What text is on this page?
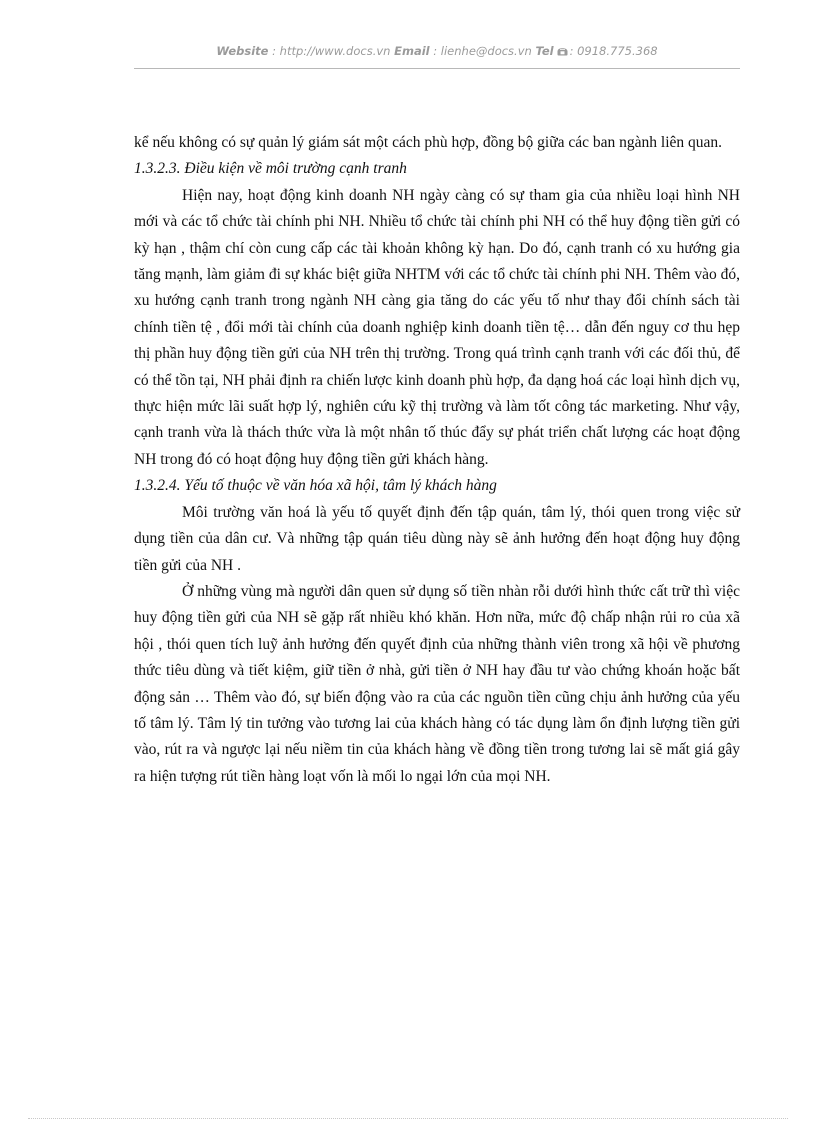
Website : http://www.docs.vn Email : lienhe@docs.vn Tel : 0918.775.368

kể nếu không có sự quản lý giám sát một cách phù hợp, đồng bộ giữa các ban ngành liên quan.

1.3.2.3. Điều kiện về môi trường cạnh tranh

Hiện nay, hoạt động kinh doanh NH ngày càng có sự tham gia của nhiều loại hình NH mới và các tổ chức tài chính phi NH. Nhiều tổ chức tài chính phi NH có thể huy động tiền gửi có kỳ hạn , thậm chí còn cung cấp các tài khoản không kỳ hạn. Do đó, cạnh tranh có xu hướng gia tăng mạnh, làm giảm đi sự khác biệt giữa NHTM với các tổ chức tài chính phi NH. Thêm vào đó, xu hướng cạnh tranh trong ngành NH càng gia tăng do các yếu tố như thay đổi chính sách tài chính tiền tệ , đổi mới tài chính của doanh nghiệp kinh doanh tiền tệ… dẫn đến nguy cơ thu hẹp thị phần huy động tiền gửi của NH trên thị trường. Trong quá trình cạnh tranh với các đối thủ, để có thể tồn tại, NH phải định ra chiến lược kinh doanh phù hợp, đa dạng hoá các loại hình dịch vụ, thực hiện mức lãi suất hợp lý, nghiên cứu kỹ thị trường và làm tốt công tác marketing. Như vậy, cạnh tranh vừa là thách thức vừa là một nhân tố thúc đẩy sự phát triển chất lượng các hoạt động NH trong đó có hoạt động huy động tiền gửi khách hàng.

1.3.2.4. Yếu tố thuộc về văn hóa xã hội, tâm lý khách hàng

Môi trường văn hoá là yếu tố quyết định đến tập quán, tâm lý, thói quen trong việc sử dụng tiền của dân cư. Và những tập quán tiêu dùng này sẽ ảnh hưởng đến hoạt động huy động tiền gửi của NH .

Ở những vùng mà người dân quen sử dụng số tiền nhàn rỗi dưới hình thức cất trữ thì việc huy động tiền gửi của NH sẽ gặp rất nhiều khó khăn. Hơn nữa, mức độ chấp nhận rủi ro của xã hội , thói quen tích luỹ ảnh hưởng đến quyết định của những thành viên trong xã hội về phương thức tiêu dùng và tiết kiệm, giữ tiền ở nhà, gửi tiền ở NH hay đầu tư vào chứng khoán hoặc bất động sản … Thêm vào đó, sự biến động vào ra của các nguồn tiền cũng chịu ảnh hưởng của yếu tố tâm lý. Tâm lý tin tưởng vào tương lai của khách hàng có tác dụng làm ổn định lượng tiền gửi vào, rút ra và ngược lại nếu niềm tin của khách hàng về đồng tiền trong tương lai sẽ mất giá gây ra hiện tượng rút tiền hàng loạt vốn là mối lo ngại lớn của mọi NH.
